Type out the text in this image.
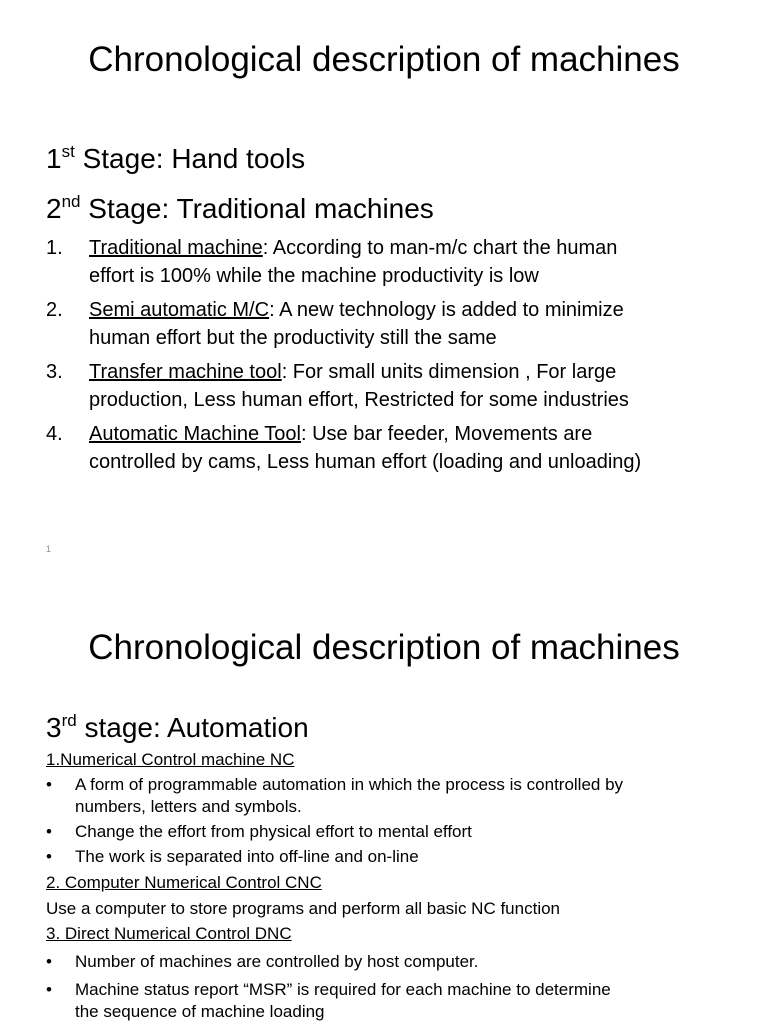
Chronological description of machines
1st Stage: Hand tools
2nd Stage: Traditional machines
1. Traditional machine: According to man-m/c chart the human
effort is 100% while the machine productivity is low
2. Semi automatic M/C: A new technology is added to minimize
human effort but the productivity still the same
3. Transfer machine tool: For small units dimension , For large
production, Less human effort, Restricted for some industries
4. Automatic Machine Tool: Use bar feeder, Movements are
controlled by cams, Less human effort (loading and unloading)
1
Chronological description of machines
3rd stage: Automation
1.Numerical Control machine NC
• A form of programmable automation in which the process is controlled by
numbers, letters and symbols.
• Change the effort from physical effort to mental effort
• The work is separated into off-line and on-line
2. Computer Numerical Control CNC
Use a computer to store programs and perform all basic NC function
3. Direct Numerical Control DNC
• Number of machines are controlled by host computer.
• Machine status report “MSR” is required for each machine to determine
the sequence of machine loading
